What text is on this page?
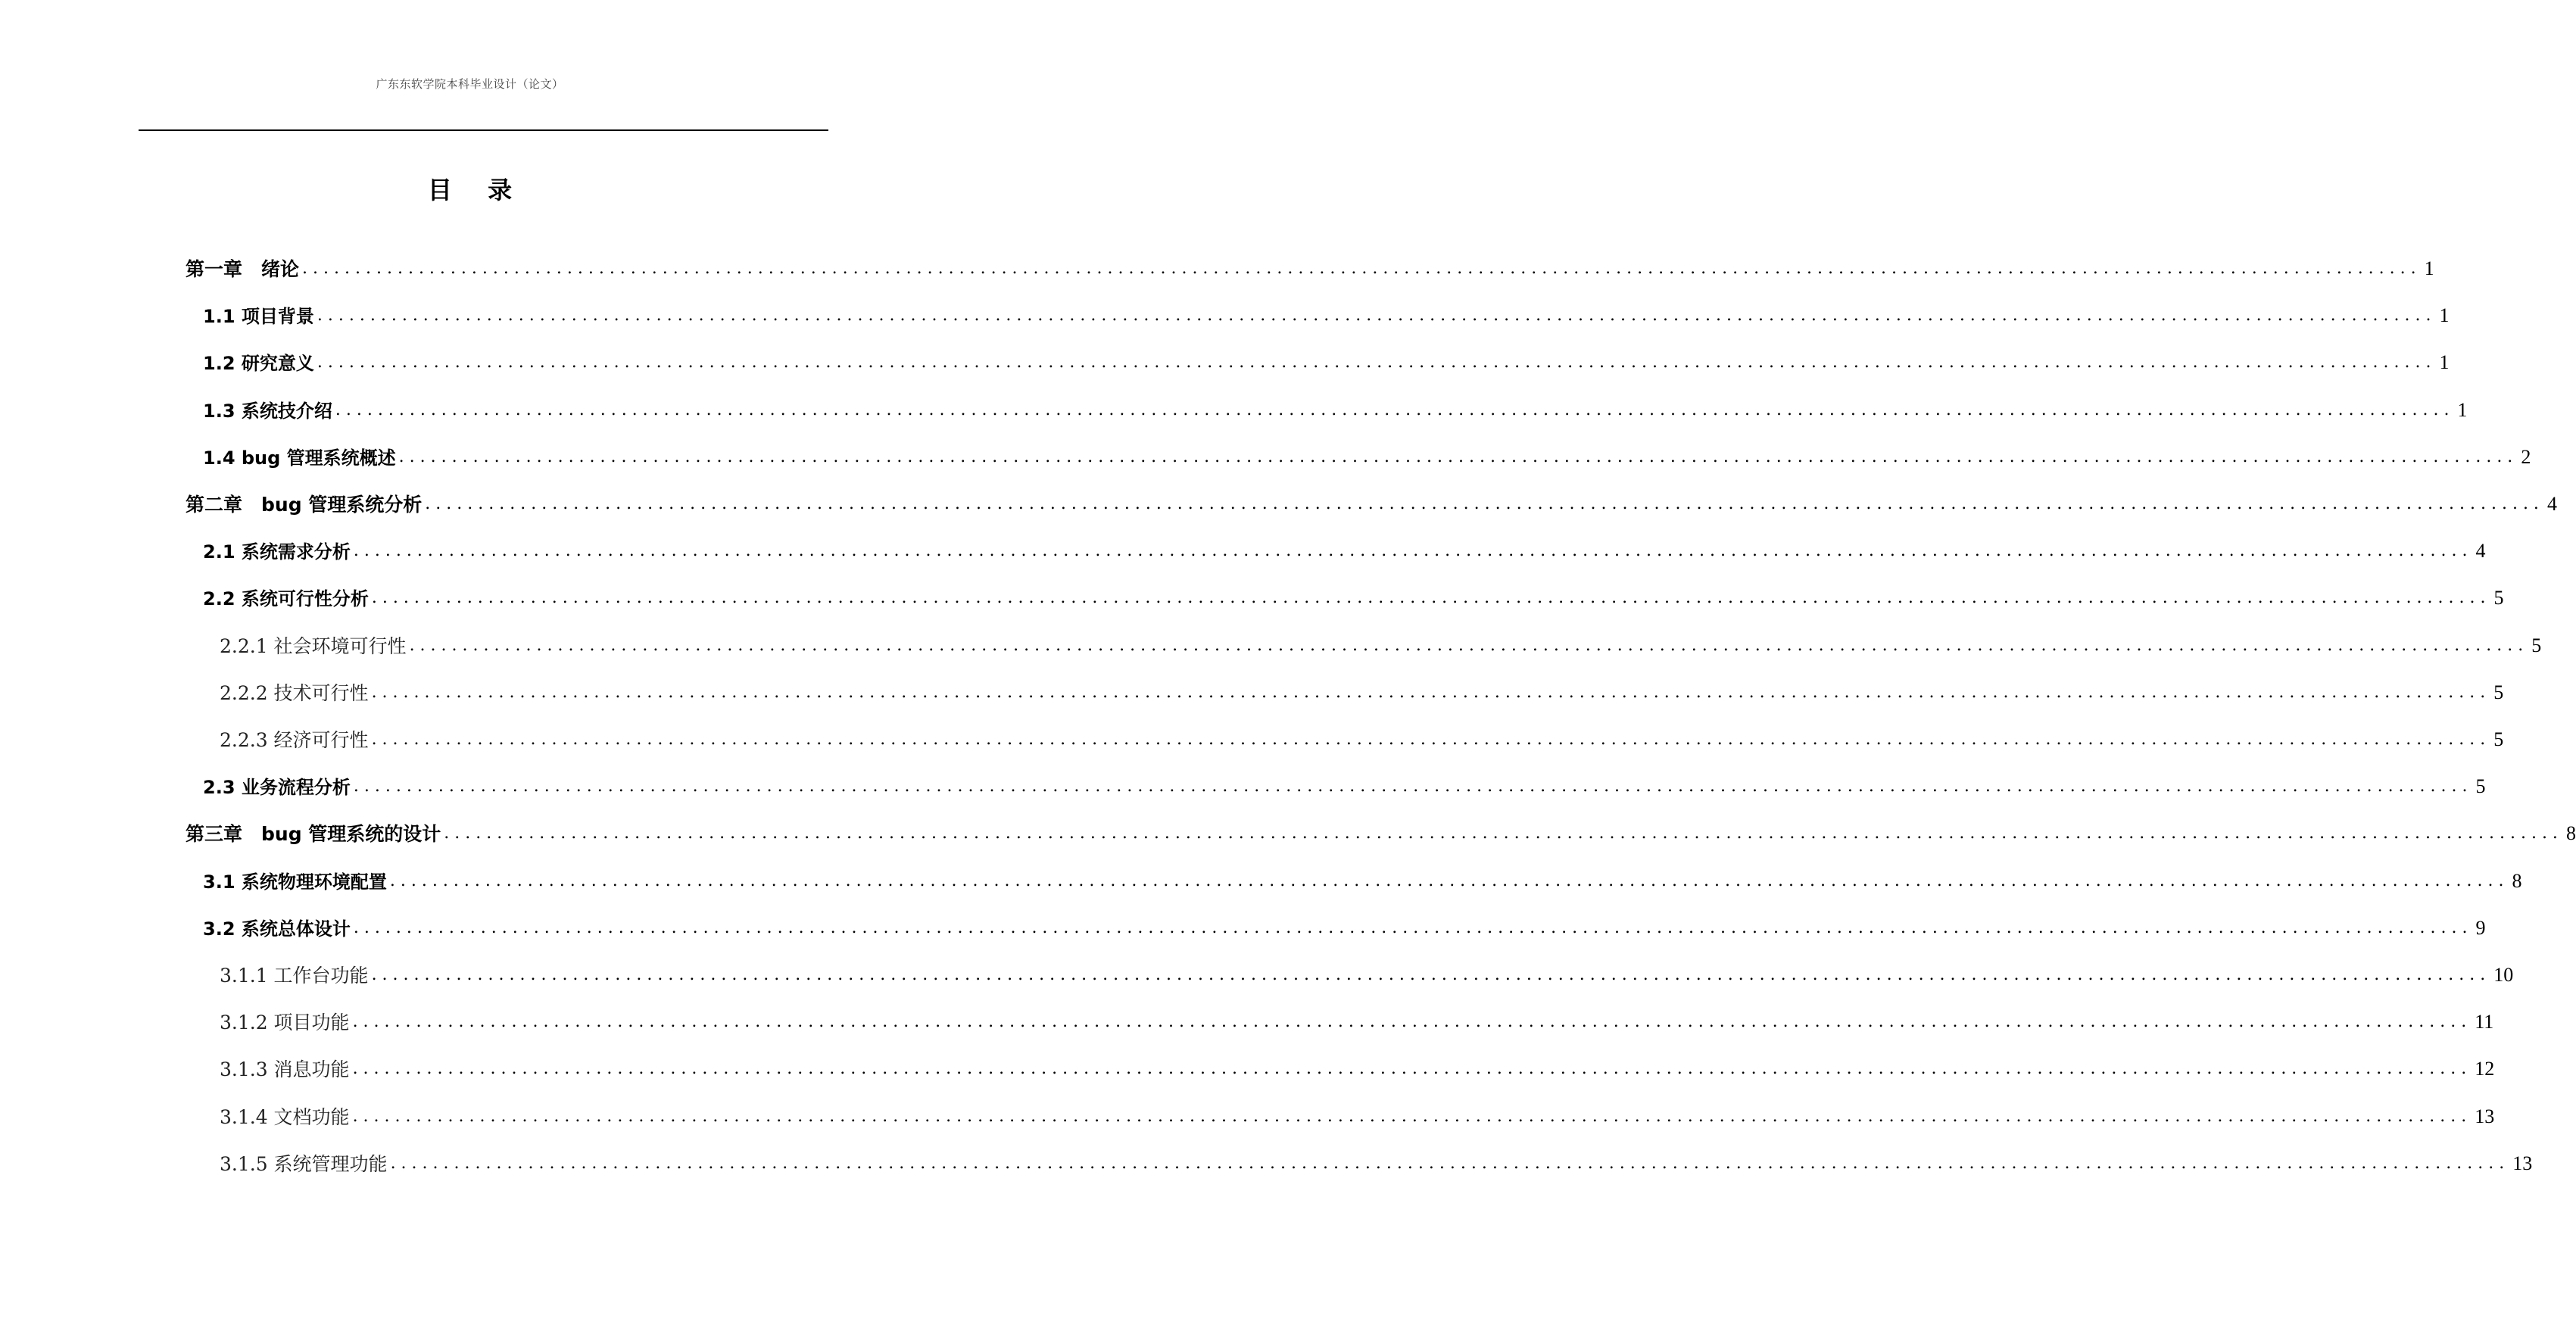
广东东软学院本科毕业设计（论文）
目 录
第一章　绪论 ........................................................................................................................................................................................................ 1
1.1 项目背景 ........................................................................................................................................................................................................ 1
1.2 研究意义 ........................................................................................................................................................................................................ 1
1.3 系统技介绍 ........................................................................................................................................................................................................ 1
1.4 bug 管理系统概述 ........................................................................................................................................................................................................ 2
第二章　bug 管理系统分析 ........................................................................................................................................................................................................ 4
2.1 系统需求分析 ........................................................................................................................................................................................................ 4
2.2 系统可行性分析 ........................................................................................................................................................................................................ 5
2.2.1 社会环境可行性 ........................................................................................................................................................................................................ 5
2.2.2 技术可行性 ........................................................................................................................................................................................................ 5
2.2.3 经济可行性 ........................................................................................................................................................................................................ 5
2.3 业务流程分析 ........................................................................................................................................................................................................ 5
第三章　bug 管理系统的设计 ........................................................................................................................................................................................................ 8
3.1 系统物理环境配置 ........................................................................................................................................................................................................ 8
3.2 系统总体设计 ........................................................................................................................................................................................................ 9
3.1.1 工作台功能 ........................................................................................................................................................................................................ 10
3.1.2 项目功能 ........................................................................................................................................................................................................ 11
3.1.3 消息功能 ........................................................................................................................................................................................................ 12
3.1.4 文档功能 ........................................................................................................................................................................................................ 13
3.1.5 系统管理功能 ........................................................................................................................................................................................................ 13
